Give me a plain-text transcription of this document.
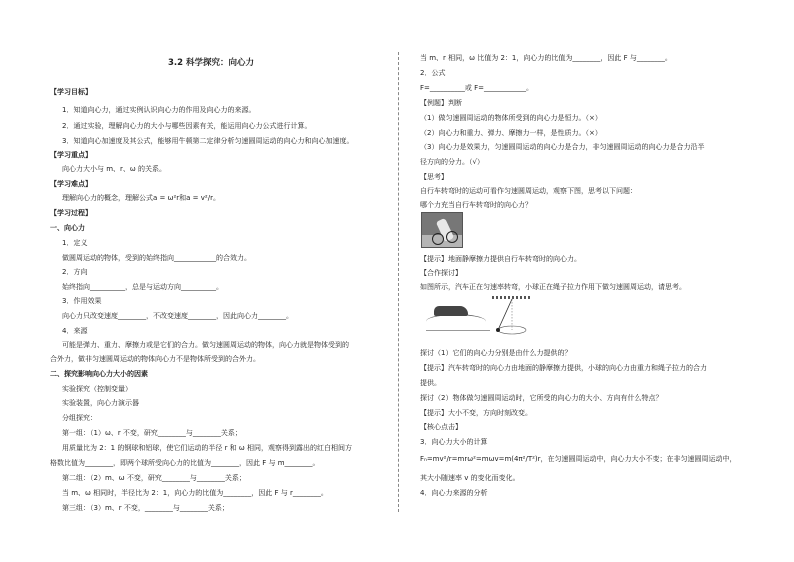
3.2 科学探究：向心力
【学习目标】
1．知道向心力，通过实例认识向心力的作用及向心力的来源。
2．通过实验，理解向心力的大小与哪些因素有关，能运用向心力公式进行计算。
3．知道向心加速度及其公式，能够用牛顿第二定律分析匀速圆周运动的向心力和向心加速度。
【学习重点】
向心力大小与 m、r、ω 的关系。
【学习难点】
理解向心力的概念，理解公式a = ω²r和a = v²/r。
【学习过程】
一、向心力
1．定义
做圆周运动的物体，受到的始终指向____________的合效力。
2．方向
始终指向__________，总是与运动方向__________。
3．作用效果
向心力只改变速度________，不改变速度________，因此向心力________。
4．来源
可能是弹力、重力、摩擦力或是它们的合力。做匀速圆周运动的物体，向心力就是物体受到的
合外力，做非匀速圆周运动的物体向心力不是物体所受到的合外力。
二、探究影响向心力大小的因素
实验探究（控制变量）
实验装置，向心力演示器
分组探究：
第一组：（1）ω、r 不变，研究________与________关系；
用质量比为 2：1 的钢球和铝球，使它们运动的半径 r 和 ω 相同，观察得到露出的红白相间方
格数比值为________，即两个球所受向心力的比值为________，因此 F 与 m________。
第二组：（2）m、ω 不变，研究________与________关系；
当 m、ω 相同时，半径比为 2：1，向心力的比值为________，因此 F 与 r________。
第三组：（3）m、r 不变，________与________关系；
当 m、r 相同，ω 比值为 2：1，向心力的比值为________，因此 F 与________。
2．公式
F=__________或 F=____________。
【例题】判断
（1）做匀速圆周运动的物体所受到的向心力是恒力。（×）
（2）向心力和重力、弹力、摩擦力一样，是性质力。（×）
（3）向心力是效果力，匀速圆周运动的向心力是合力，非匀速圆周运动的向心力是合力沿半
径方向的分力。（√）
【思考】
自行车转弯时的运动可看作匀速圆周运动，观察下图，思考以下问题：
哪个力充当自行车转弯时的向心力？
【提示】地面静摩擦力提供自行车转弯时的向心力。
【合作探讨】
如图所示，汽车正在匀速率转弯，小球正在绳子拉力作用下做匀速圆周运动，请思考。
探讨（1）它们的向心力分别是由什么力提供的？
【提示】汽车转弯时的向心力由地面的静摩擦力提供，小球的向心力由重力和绳子拉力的合力
提供。
探讨（2）物体做匀速圆周运动时，它所受的向心力的大小、方向有什么特点？
【提示】大小不变，方向时刻改变。
【核心点击】
3．向心力大小的计算
Fₙ=mv²/r=mrω²=mωv=m(4π²/T²)r，在匀速圆周运动中，向心力大小不变；在非匀速圆周运动中，
其大小随速率 v 的变化而变化。
4．向心力来源的分析
